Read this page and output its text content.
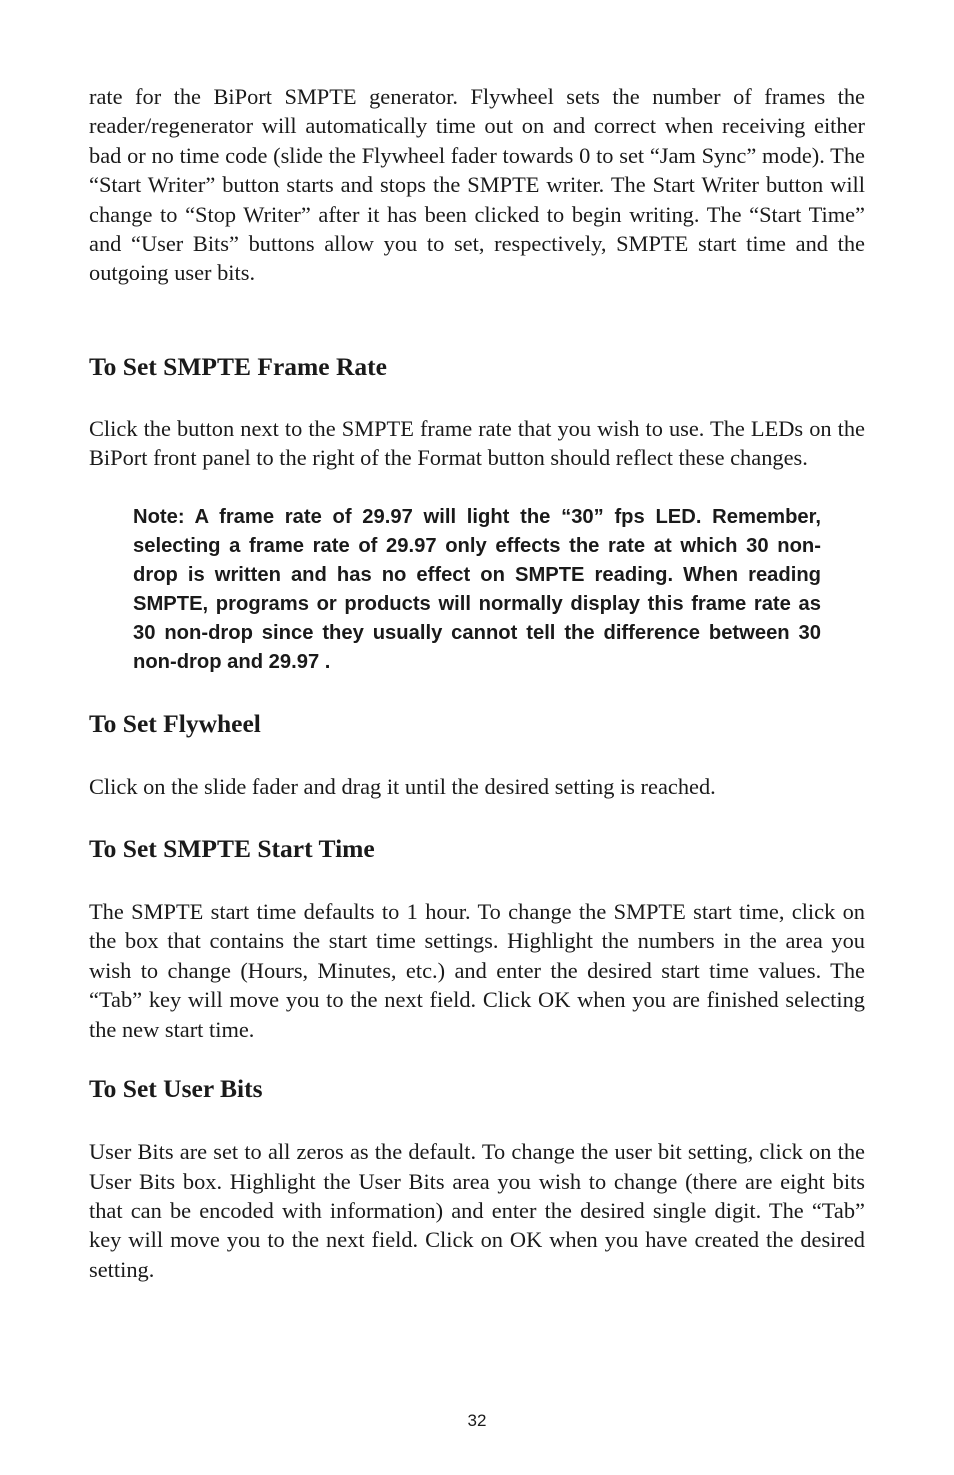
rate for the BiPort SMPTE generator. Flywheel sets the number of frames the reader/regenerator will automatically time out on and correct when receiving either bad or no time code (slide the Flywheel fader towards 0 to set “Jam Sync” mode). The “Start Writer” button starts and stops the SMPTE writer. The Start Writer button will change to “Stop Writer” after it has been clicked to begin writing. The “Start Time” and “User Bits” buttons allow you to set, respectively, SMPTE start time and the outgoing user bits.

To Set SMPTE Frame Rate

Click the button next to the SMPTE frame rate that you wish to use. The LEDs on the BiPort front panel to the right of the Format button should reflect these changes.

Note: A frame rate of 29.97 will light the “30” fps LED. Remember, selecting a frame rate of 29.97 only effects the rate at which 30 non-drop is written and has no effect on SMPTE reading. When reading SMPTE, programs or products will normally display this frame rate as 30 non-drop since they usually cannot tell the difference between 30 non-drop and 29.97 .

To Set Flywheel

Click on the slide fader and drag it until the desired setting is reached.

To Set SMPTE Start Time

The SMPTE start time defaults to 1 hour. To change the SMPTE start time, click on the box that contains the start time settings. Highlight the numbers in the area you wish to change (Hours, Minutes, etc.) and enter the desired start time values. The “Tab” key will move you to the next field. Click OK when you are finished selecting the new start time.

To Set User Bits

User Bits are set to all zeros as the default. To change the user bit setting, click on the User Bits box. Highlight the User Bits area you wish to change (there are eight bits that can be encoded with information) and enter the desired single digit. The “Tab” key will move you to the next field. Click on OK when you have created the desired setting.

32
